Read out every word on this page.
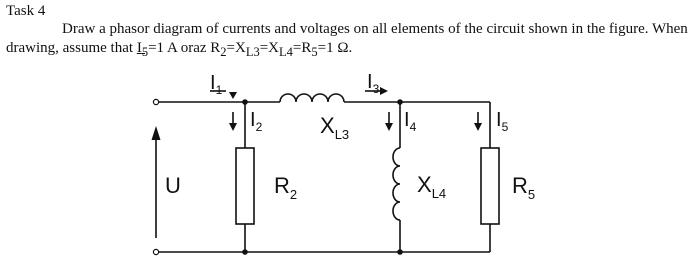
Task 4
Draw a phasor diagram of currents and voltages on all elements of the circuit shown in the figure. When drawing, assume that $I_5=1$ A oraz $R_2=X_{L3}=X_{L4}=R_5=1$ Ω.
$I_1$	$I_3$
$I_2$	$I_4$	$I_5$
$X_{L3}$
$X_{L4}$
$R_2$	$R_5$
U
